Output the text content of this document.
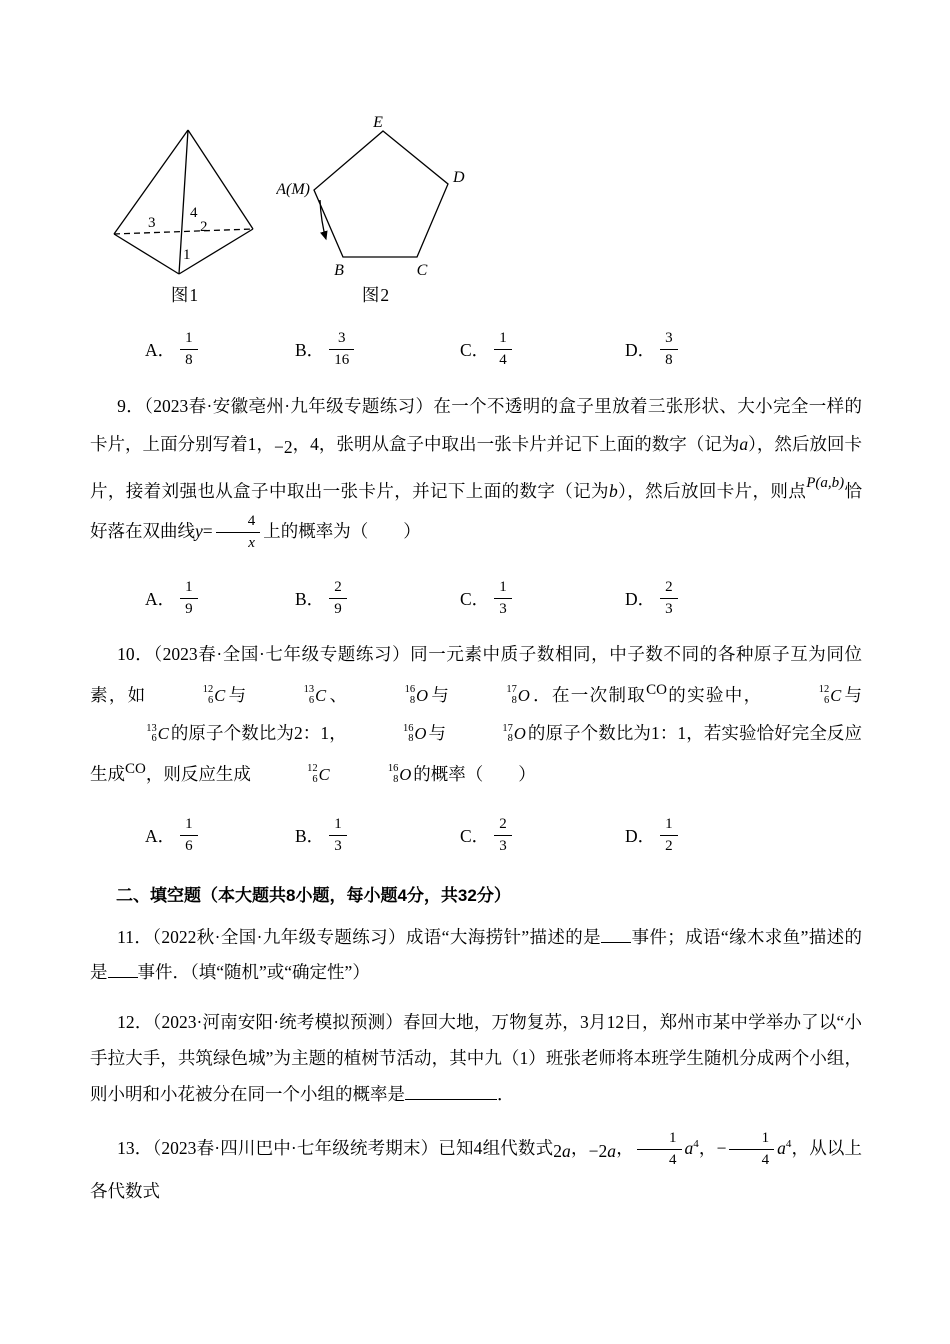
3
4
2
1
图1
E
A(M)
D
B	C
图2
A． $\frac{1}{8}$	B． $\frac{3}{16}$	C． $\frac{1}{4}$	D． $\frac{3}{8}$

9．（2023春·安徽亳州·九年级专题练习）在一个不透明的盒子里放着三张形状、大小完全一样的卡片，上面分别写着1，−2，4，张明从盒子中取出一张卡片并记下上面的数字（记为a），然后放回卡片，接着刘强也从盒子中取出一张卡片，并记下上面的数字（记为b），然后放回卡片，则点P(a,b)恰好落在双曲线$y= \frac{4}{x}$ 上的概率为（　　）

A． $\frac{1}{9}$	B． $\frac{2}{9}$	C． $\frac{1}{3}$	D． $\frac{2}{3}$

10．（2023春·全国·七年级专题练习）同一元素中质子数相同，中子数不同的各种原子互为同位素，如	12
6 C 与	13
6 C 、	16
8 O 与	17
8 O ．在一次制取CO的实验中，	12
6 C 与
13
6 C 的原子个数比为2：1，	16
8 O 与	17
8 O 的原子个数比为1：1，若实验恰好完全反应生成CO，则反应生成	12
6 C	16
8 O 的概率（　　）

A． $\frac{1}{6}$	B． $\frac{1}{3}$	C． $\frac{2}{3}$	D． $\frac{1}{2}$
二、填空题（本大题共8小题，每小题4分，共32分）

11．（2022秋·全国·九年级专题练习）成语“大海捞针”描述的是 事件；成语“缘木求鱼”描述的是 事件．（填“随机”或“确定性”）

12．（2023·河南安阳·统考模拟预测）春回大地，万物复苏，3月12日，郑州市某中学举办了以“小手拉大手，共筑绿色城”为主题的植树节活动，其中九（1）班张老师将本班学生随机分成两个小组，则小明和小花被分在同一个小组的概率是	．

13．（2023春·四川巴中·七年级统考期末）已知4组代数式2a，−2a， $\frac{1}{4} a^4$，− $\frac{1}{4} a^4$，从以上各代数式
